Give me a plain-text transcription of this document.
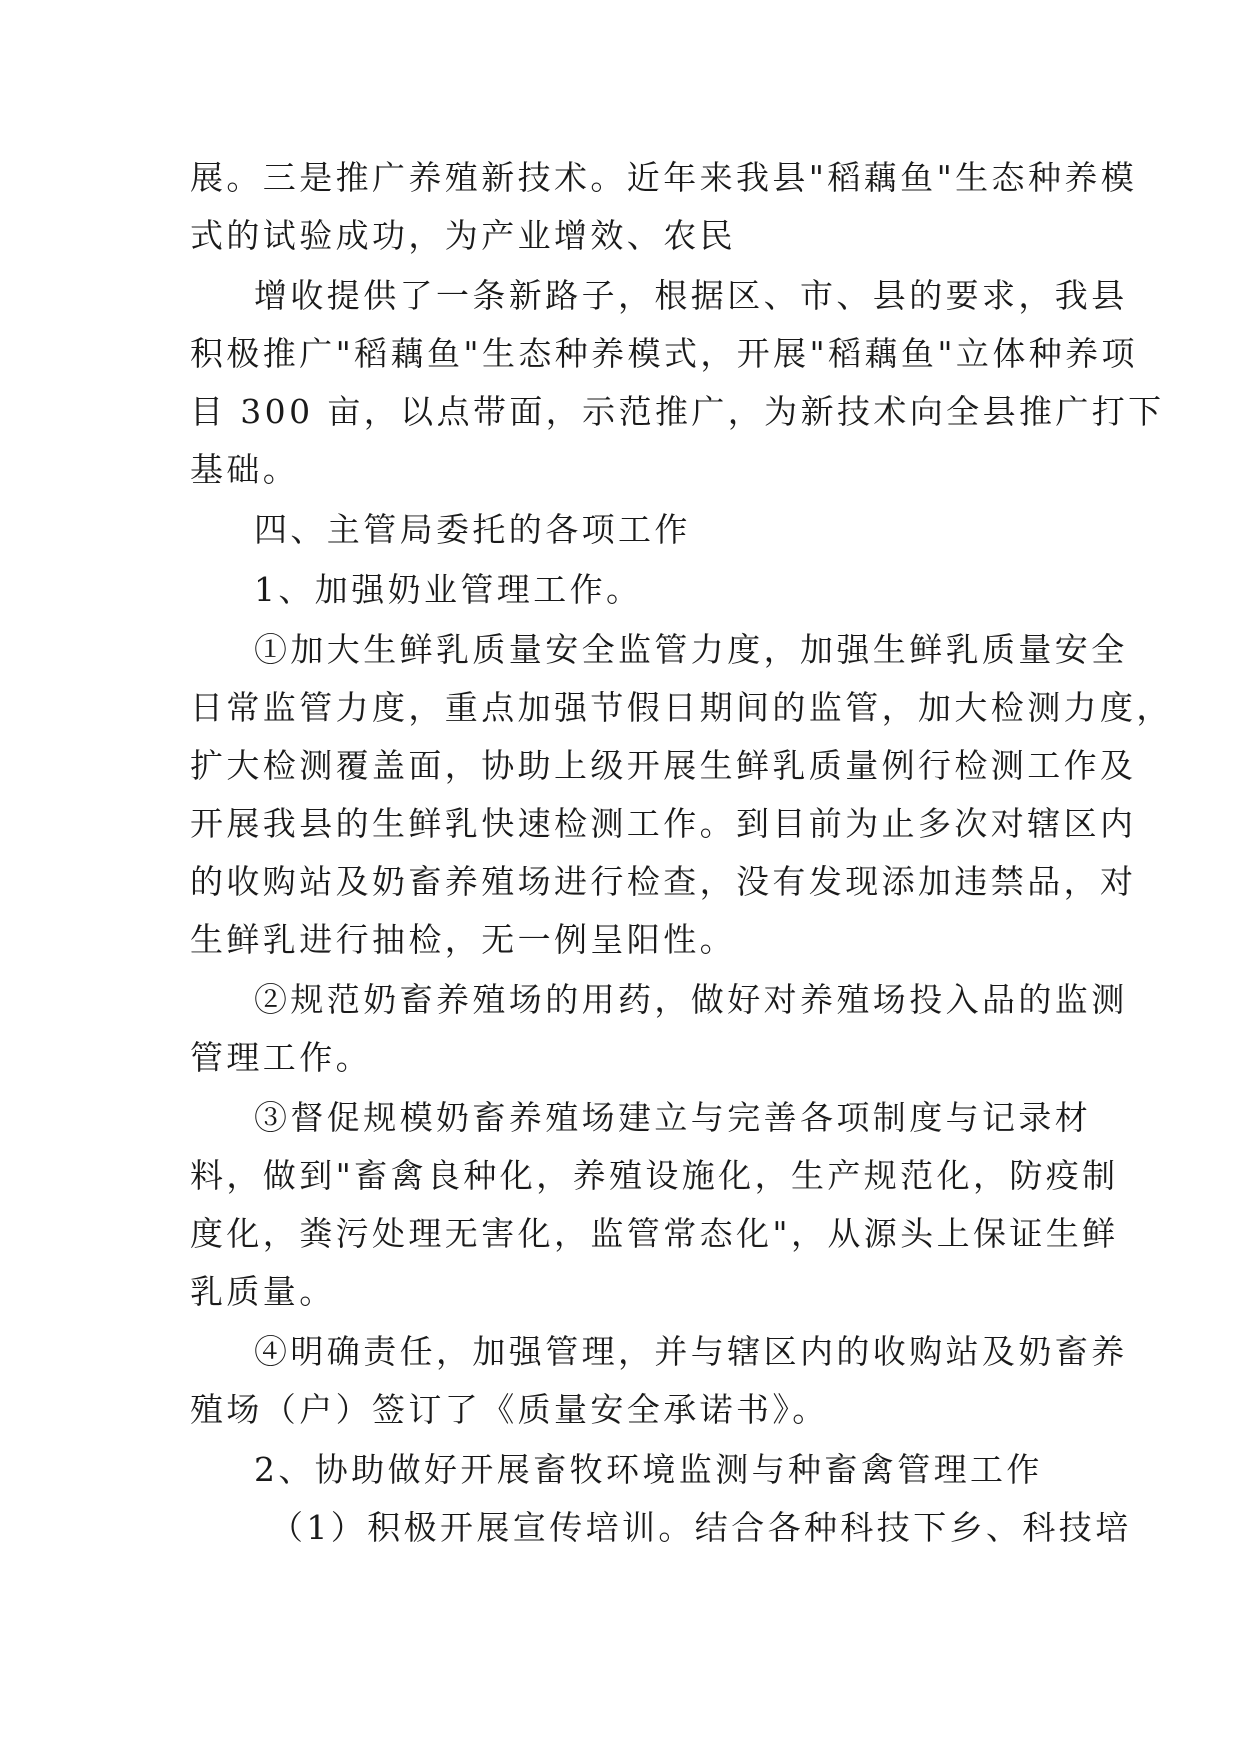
展。三是推广养殖新技术。近年来我县"稻藕鱼"生态种养模
式的试验成功，为产业增效、农民
增收提供了一条新路子，根据区、市、县的要求，我县
积极推广"稻藕鱼"生态种养模式，开展"稻藕鱼"立体种养项
目 300 亩，以点带面，示范推广，为新技术向全县推广打下
基础。
四、主管局委托的各项工作
1、加强奶业管理工作。
①加大生鲜乳质量安全监管力度，加强生鲜乳质量安全
日常监管力度，重点加强节假日期间的监管，加大检测力度，
扩大检测覆盖面，协助上级开展生鲜乳质量例行检测工作及
开展我县的生鲜乳快速检测工作。到目前为止多次对辖区内
的收购站及奶畜养殖场进行检查，没有发现添加违禁品，对
生鲜乳进行抽检，无一例呈阳性。
②规范奶畜养殖场的用药，做好对养殖场投入品的监测
管理工作。
③督促规模奶畜养殖场建立与完善各项制度与记录材
料，做到"畜禽良种化，养殖设施化，生产规范化，防疫制
度化，粪污处理无害化，监管常态化"，从源头上保证生鲜
乳质量。
④明确责任，加强管理，并与辖区内的收购站及奶畜养
殖场（户）签订了《质量安全承诺书》。
2、协助做好开展畜牧环境监测与种畜禽管理工作
（1）积极开展宣传培训。结合各种科技下乡、科技培
